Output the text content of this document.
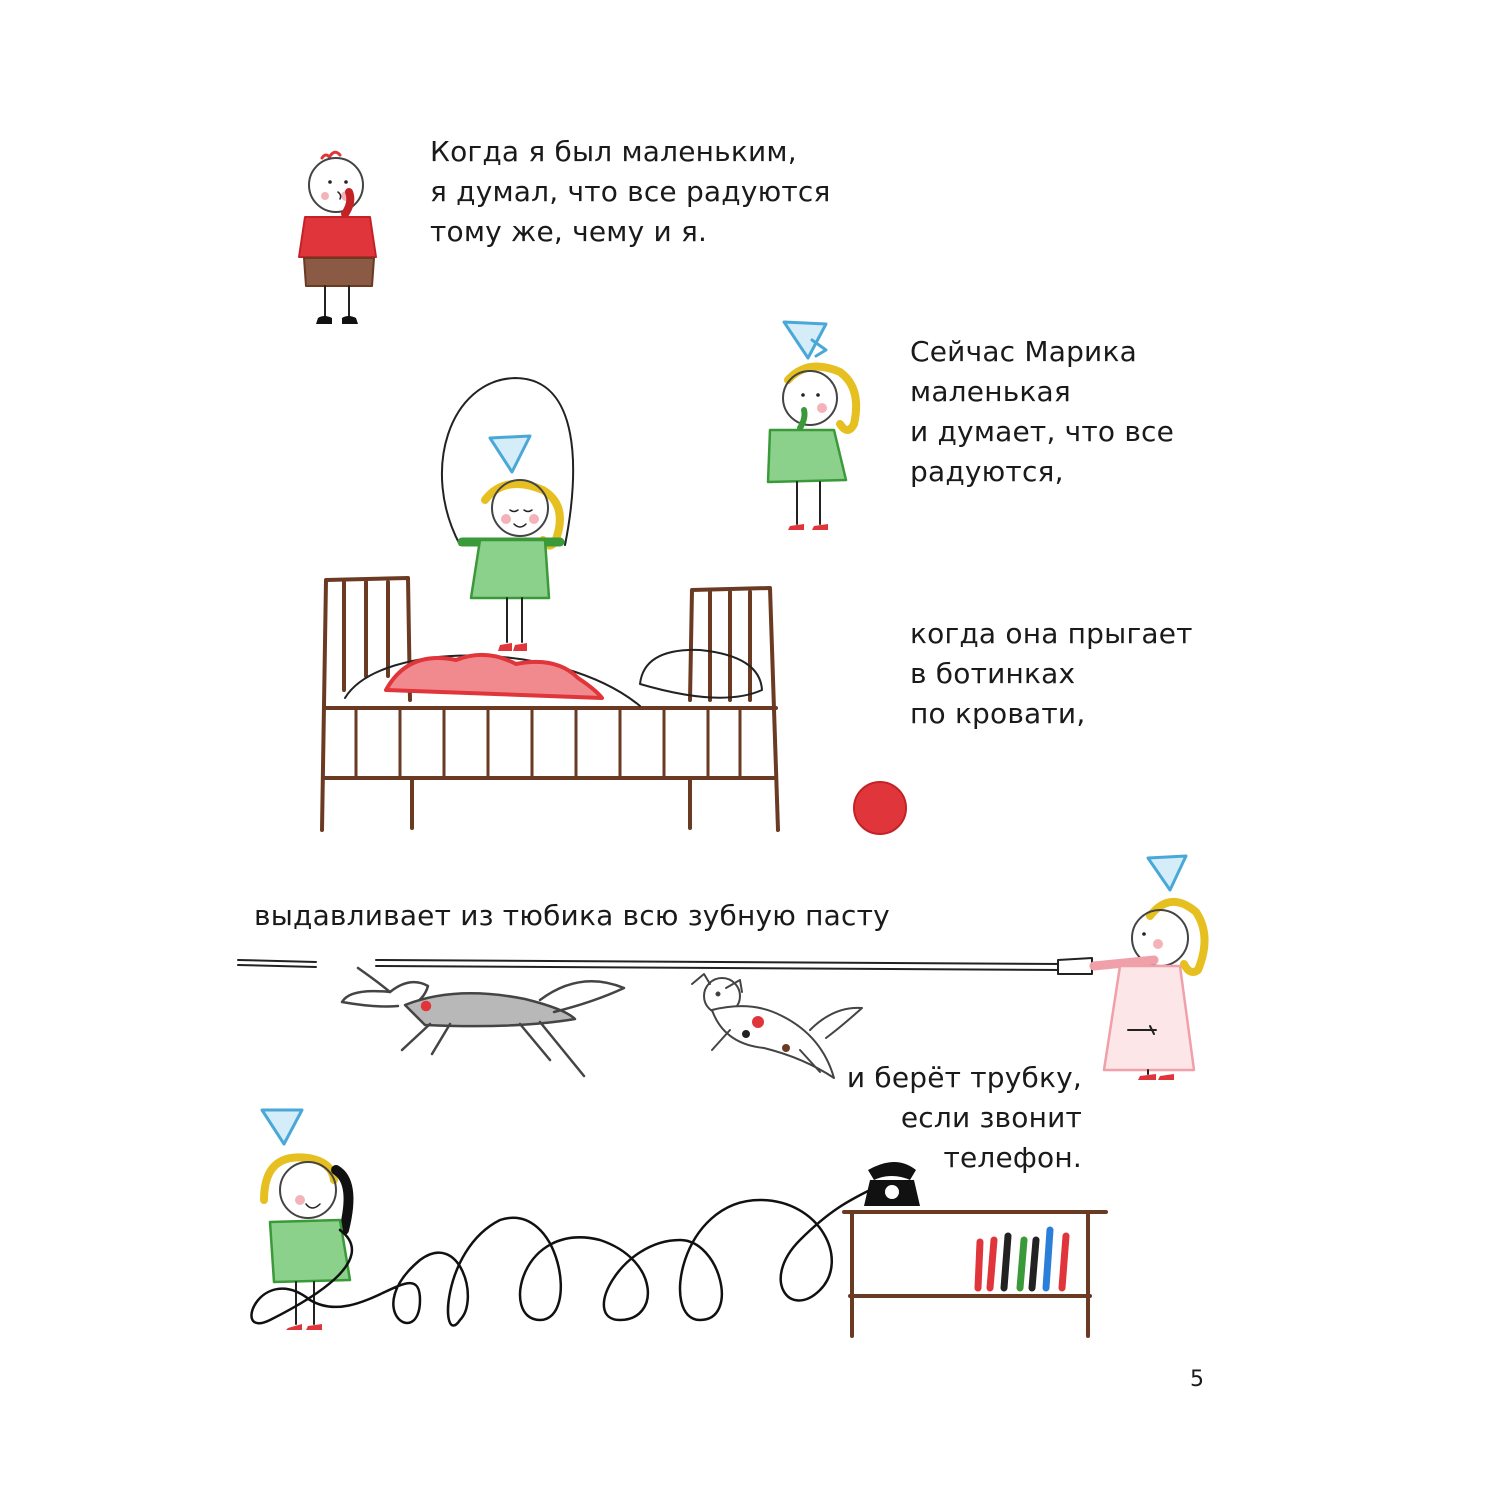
Когда я был маленьким,
я думал, что все радуются
тому же, чему и я.
Сейчас Марика
маленькая
и думает, что все
радуются,
когда она прыгает
в ботинках
по кровати,
выдавливает из тюбика всю зубную пасту
и берёт трубку,
если звонит
телефон.
5
